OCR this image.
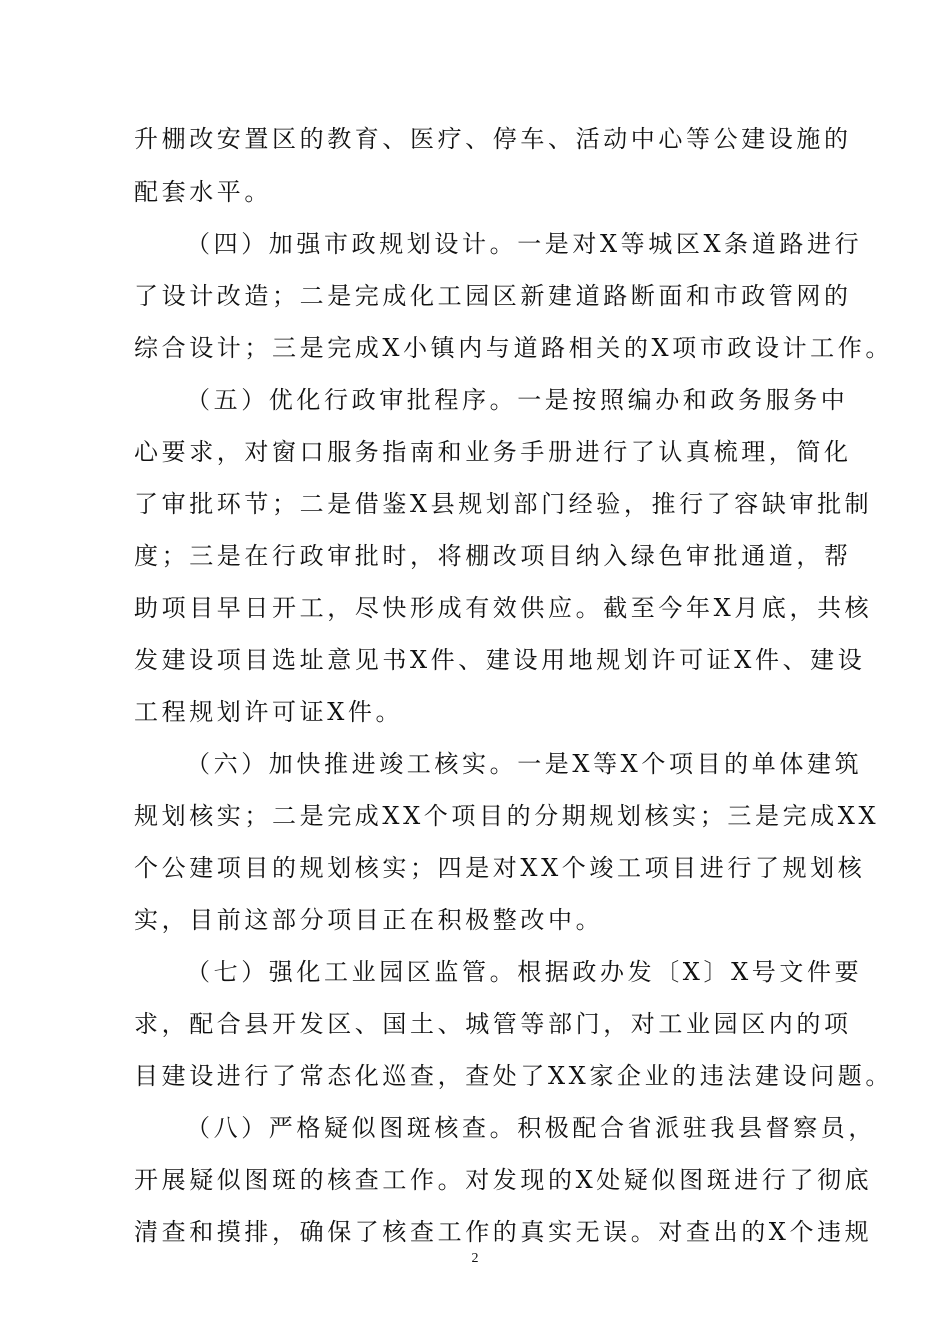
升棚改安置区的教育、医疗、停车、活动中心等公建设施的
配套水平。
（四）加强市政规划设计。一是对X等城区X条道路进行
了设计改造；二是完成化工园区新建道路断面和市政管网的
综合设计；三是完成X小镇内与道路相关的X项市政设计工作。
（五）优化行政审批程序。一是按照编办和政务服务中
心要求，对窗口服务指南和业务手册进行了认真梳理，简化
了审批环节；二是借鉴X县规划部门经验，推行了容缺审批制
度；三是在行政审批时，将棚改项目纳入绿色审批通道，帮
助项目早日开工，尽快形成有效供应。截至今年X月底，共核
发建设项目选址意见书X件、建设用地规划许可证X件、建设
工程规划许可证X件。
（六）加快推进竣工核实。一是X等X个项目的单体建筑
规划核实；二是完成XX个项目的分期规划核实；三是完成XX
个公建项目的规划核实；四是对XX个竣工项目进行了规划核
实，目前这部分项目正在积极整改中。
（七）强化工业园区监管。根据政办发〔X〕X号文件要
求，配合县开发区、国土、城管等部门，对工业园区内的项
目建设进行了常态化巡查，查处了XX家企业的违法建设问题。
（八）严格疑似图斑核查。积极配合省派驻我县督察员，
开展疑似图斑的核查工作。对发现的X处疑似图斑进行了彻底
清查和摸排，确保了核查工作的真实无误。对查出的X个违规
2
